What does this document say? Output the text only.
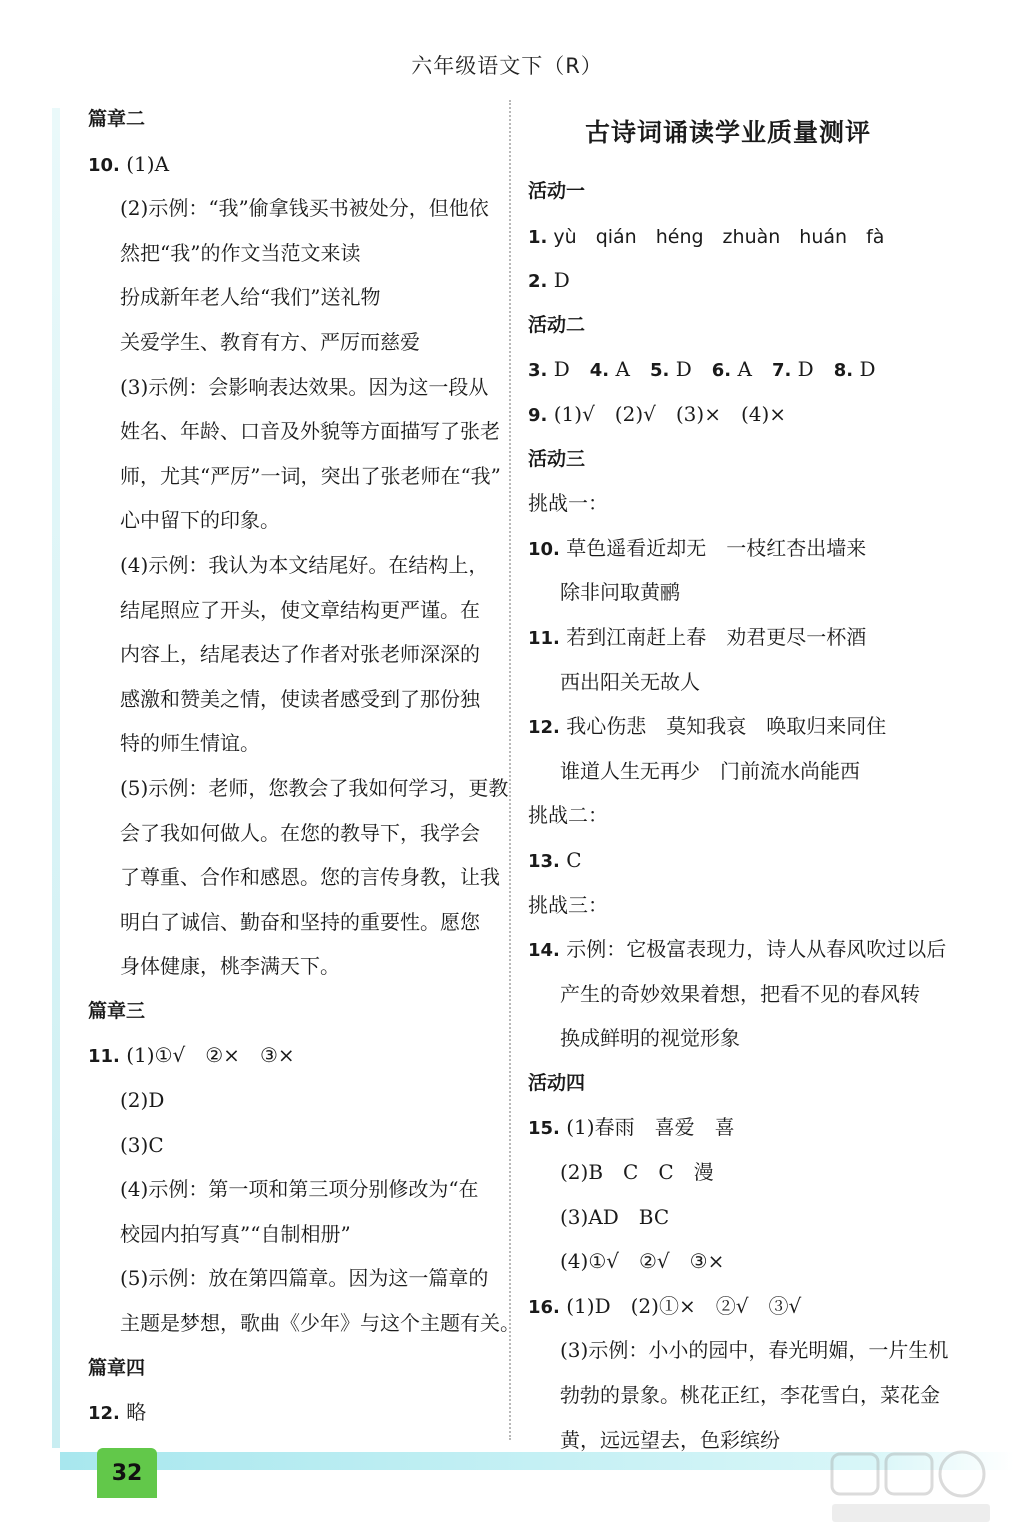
六年级语文下（R）
篇章二
10. (1)A
(2)示例：“我”偷拿钱买书被处分，但他依
然把“我”的作文当范文来读
扮成新年老人给“我们”送礼物
关爱学生、教育有方、严厉而慈爱
(3)示例：会影响表达效果。因为这一段从
姓名、年龄、口音及外貌等方面描写了张老
师，尤其“严厉”一词，突出了张老师在“我”
心中留下的印象。
(4)示例：我认为本文结尾好。在结构上，
结尾照应了开头，使文章结构更严谨。在
内容上，结尾表达了作者对张老师深深的
感激和赞美之情，使读者感受到了那份独
特的师生情谊。
(5)示例：老师，您教会了我如何学习，更教
会了我如何做人。在您的教导下，我学会
了尊重、合作和感恩。您的言传身教，让我
明白了诚信、勤奋和坚持的重要性。愿您
身体健康，桃李满天下。
篇章三
11. (1)①√　②×　③×
(2)D
(3)C
(4)示例：第一项和第三项分别修改为“在
校园内拍写真”“自制相册”
(5)示例：放在第四篇章。因为这一篇章的
主题是梦想，歌曲《少年》与这个主题有关。
篇章四
12. 略
古诗词诵读学业质量测评
活动一
1. yù　qián　héng　zhuàn　huán　fà
2. D
活动二
3. D 4. A 5. D 6. A 7. D 8. D
9. (1)√　(2)√　(3)×　(4)×
活动三
挑战一：
10. 草色遥看近却无　一枝红杏出墙来
除非问取黄鹂
11. 若到江南赶上春　劝君更尽一杯酒
西出阳关无故人
12. 我心伤悲　莫知我哀　唤取归来同住
谁道人生无再少　门前流水尚能西
挑战二：
13. C
挑战三：
14. 示例：它极富表现力，诗人从春风吹过以后
产生的奇妙效果着想，把看不见的春风转
换成鲜明的视觉形象
活动四
15. (1)春雨　喜爱　喜
(2)B　C　C　漫
(3)AD　BC
(4)①√　②√　③×
16. (1)D　(2)①×　②√　③√
(3)示例：小小的园中，春光明媚，一片生机
勃勃的景象。桃花正红，李花雪白，菜花金
黄，远远望去，色彩缤纷
32
